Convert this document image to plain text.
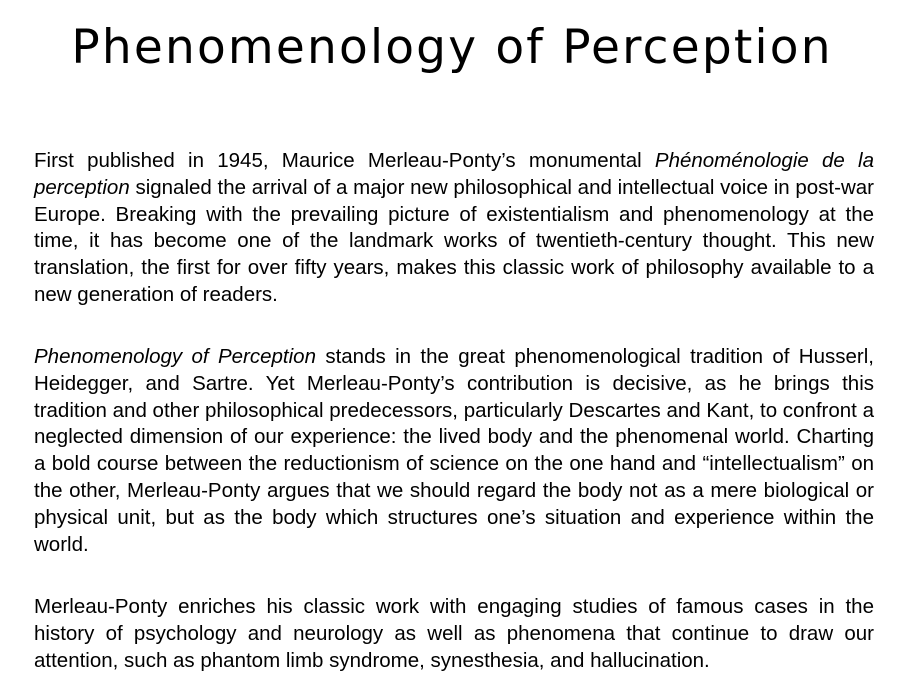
Phenomenology of Perception

First published in 1945, Maurice Merleau-Ponty’s monumental Phénoménologie de la perception signaled the arrival of a major new philosophical and intellectual voice in post-war Europe. Breaking with the prevailing picture of existentialism and phenomenology at the time, it has become one of the landmark works of twentieth-century thought. This new translation, the first for over fifty years, makes this classic work of philosophy available to a new generation of readers.

Phenomenology of Perception stands in the great phenomenological tradition of Husserl, Heidegger, and Sartre. Yet Merleau-Ponty’s contribution is decisive, as he brings this tradition and other philosophical predecessors, particularly Descartes and Kant, to confront a neglected dimension of our experience: the lived body and the phenomenal world. Charting a bold course between the reductionism of science on the one hand and “intellectualism” on the other, Merleau-Ponty argues that we should regard the body not as a mere biological or physical unit, but as the body which structures one’s situation and experience within the world.

Merleau-Ponty enriches his classic work with engaging studies of famous cases in the history of psychology and neurology as well as phenomena that continue to draw our attention, such as phantom limb syndrome, synesthesia, and hallucination.
